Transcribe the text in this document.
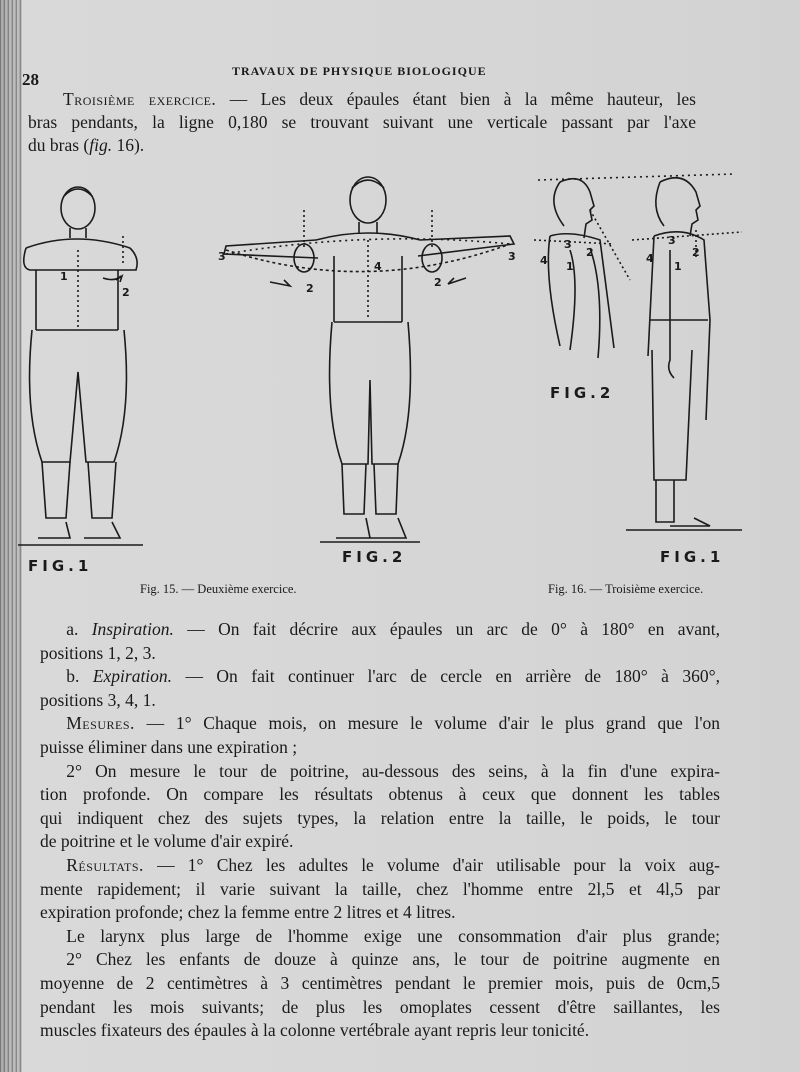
28	TRAVAUX DE PHYSIQUE BIOLOGIQUE
  Troisième exercice. — Les deux épaules étant bien à la même hauteur, les
bras pendants, la ligne 0,180 se trouvant suivant une verticale passant par l'axe
du bras (fig. 16).
1
2
FIG.1
3
4
3
2
2
FIG.2
3
4 1
2
3
4
1
2
FIG.2
FIG.1
Fig. 15. — Deuxième exercice.	Fig. 16. — Troisième exercice.
  a. Inspiration. — On fait décrire aux épaules un arc de 0° à 180° en avant,
positions 1, 2, 3.
  b. Expiration. — On fait continuer l'arc de cercle en arrière de 180° à 360°,
positions 3, 4, 1.
  Mesures. — 1° Chaque mois, on mesure le volume d'air le plus grand que l'on
puisse éliminer dans une expiration ;
  2° On mesure le tour de poitrine, au-dessous des seins, à la fin d'une expira-
tion profonde. On compare les résultats obtenus à ceux que donnent les tables
qui indiquent chez des sujets types, la relation entre la taille, le poids, le tour
de poitrine et le volume d'air expiré.
  Résultats. — 1° Chez les adultes le volume d'air utilisable pour la voix aug-
mente rapidement; il varie suivant la taille, chez l'homme entre 2l,5 et 4l,5 par
expiration profonde; chez la femme entre 2 litres et 4 litres.
  Le larynx plus large de l'homme exige une consommation d'air plus grande;
  2° Chez les enfants de douze à quinze ans, le tour de poitrine augmente en
moyenne de 2 centimètres à 3 centimètres pendant le premier mois, puis de 0cm,5
pendant les mois suivants; de plus les omoplates cessent d'être saillantes, les
muscles fixateurs des épaules à la colonne vertébrale ayant repris leur tonicité.
